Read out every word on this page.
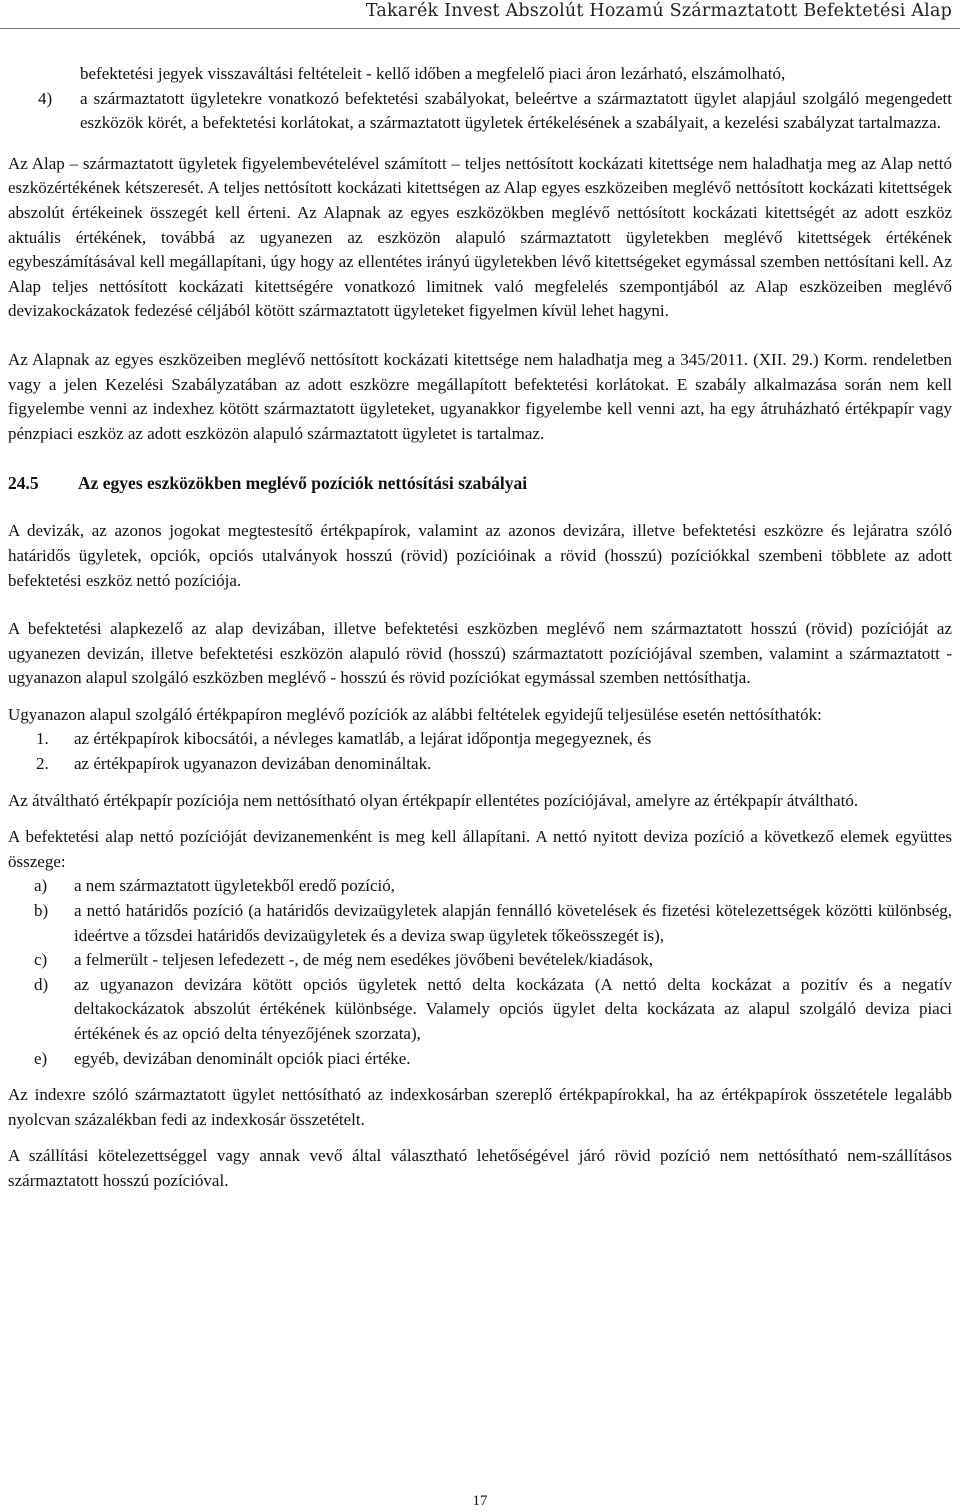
Takarék Invest Abszolút Hozamú Származtatott Befektetési Alap

befektetési jegyek visszaváltási feltételeit - kellő időben a megfelelő piaci áron lezárható, elszámolható,

4)	a származtatott ügyletekre vonatkozó befektetési szabályokat, beleértve a származtatott ügylet alapjául szolgáló megengedett eszközök körét, a befektetési korlátokat, a származtatott ügyletek értékelésének a szabályait, a kezelési szabályzat tartalmazza.

Az Alap – származtatott ügyletek figyelembevételével számított – teljes nettósított kockázati kitettsége nem haladhatja meg az Alap nettó eszközértékének kétszeresét. A teljes nettósított kockázati kitettségen az Alap egyes eszközeiben meglévő nettósított kockázati kitettségek abszolút értékeinek összegét kell érteni. Az Alapnak az egyes eszközökben meglévő nettósított kockázati kitettségét az adott eszköz aktuális értékének, továbbá az ugyanezen az eszközön alapuló származtatott ügyletekben meglévő kitettségek értékének egybeszámításával kell megállapítani, úgy hogy az ellentétes irányú ügyletekben lévő kitettségeket egymással szemben nettósítani kell. Az Alap teljes nettósított kockázati kitettségére vonatkozó limitnek való megfelelés szempontjából az Alap eszközeiben meglévő devizakockázatok fedezésé céljából kötött származtatott ügyleteket figyelmen kívül lehet hagyni.

Az Alapnak az egyes eszközeiben meglévő nettósított kockázati kitettsége nem haladhatja meg a 345/2011. (XII. 29.) Korm. rendeletben vagy a jelen Kezelési Szabályzatában az adott eszközre megállapított befektetési korlátokat. E szabály alkalmazása során nem kell figyelembe venni az indexhez kötött származtatott ügyleteket, ugyanakkor figyelembe kell venni azt, ha egy átruházható értékpapír vagy pénzpiaci eszköz az adott eszközön alapuló származtatott ügyletet is tartalmaz.

24.5	Az egyes eszközökben meglévő pozíciók nettósítási szabályai

A devizák, az azonos jogokat megtestesítő értékpapírok, valamint az azonos devizára, illetve befektetési eszközre és lejáratra szóló határidős ügyletek, opciók, opciós utalványok hosszú (rövid) pozícióinak a rövid (hosszú) pozíciókkal szembeni többlete az adott befektetési eszköz nettó pozíciója.

A befektetési alapkezelő az alap devizában, illetve befektetési eszközben meglévő nem származtatott hosszú (rövid) pozícióját az ugyanezen devizán, illetve befektetési eszközön alapuló rövid (hosszú) származtatott pozíciójával szemben, valamint a származtatott - ugyanazon alapul szolgáló eszközben meglévő - hosszú és rövid pozíciókat egymással szemben nettósíthatja.

Ugyanazon alapul szolgáló értékpapíron meglévő pozíciók az alábbi feltételek egyidejű teljesülése esetén nettósíthatók:

1.	az értékpapírok kibocsátói, a névleges kamatláb, a lejárat időpontja megegyeznek, és
2.	az értékpapírok ugyanazon devizában denomináltak.

Az átváltható értékpapír pozíciója nem nettósítható olyan értékpapír ellentétes pozíciójával, amelyre az értékpapír átváltható.

A befektetési alap nettó pozícióját devizanemenként is meg kell állapítani. A nettó nyitott deviza pozíció a következő elemek együttes összege:

a)	a nem származtatott ügyletekből eredő pozíció,
b)	a nettó határidős pozíció (a határidős devizaügyletek alapján fennálló követelések és fizetési kötelezettségek közötti különbség, ideértve a tőzsdei határidős devizaügyletek és a deviza swap ügyletek tőkeösszegét is),
c)	a felmerült - teljesen lefedezett -, de még nem esedékes jövőbeni bevételek/kiadások,
d)	az ugyanazon devizára kötött opciós ügyletek nettó delta kockázata (A nettó delta kockázat a pozitív és a negatív deltakockázatok abszolút értékének különbsége. Valamely opciós ügylet delta kockázata az alapul szolgáló deviza piaci értékének és az opció delta tényezőjének szorzata),
e)	egyéb, devizában denominált opciók piaci értéke.

Az indexre szóló származtatott ügylet nettósítható az indexkosárban szereplő értékpapírokkal, ha az értékpapírok összetétele legalább nyolcvan százalékban fedi az indexkosár összetételt.

A szállítási kötelezettséggel vagy annak vevő által választható lehetőségével járó rövid pozíció nem nettósítható nem-szállításos származtatott hosszú pozícióval.

17
